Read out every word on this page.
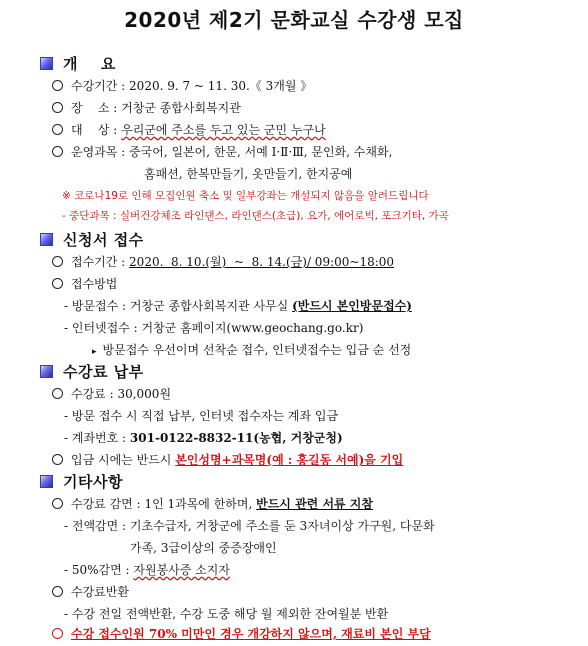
2020년 제2기 문화교실 수강생 모집
개    요
수강기간 : 2020. 9. 7 ~ 11. 30.《 3개월 》
장    소 : 거창군 종합사회복지관
대    상 : 우리군에 주소를 두고 있는 군민 누구나
운영과목 : 중국어, 일본어, 한문, 서예 Ⅰ·Ⅱ·Ⅲ, 문인화, 수채화,
홈패션, 한복만들기, 옷만들기, 한지공예
※ 코로나19로 인해 모집인원 축소 및 일부강좌는 개설되지 않음을 알려드립니다
- 중단과목 : 실버건강체조 라인댄스, 라인댄스(초급), 요가, 에어로빅, 포크기타, 가곡
신청서 접수
접수기간 : 2020.  8. 10.(월)  ~  8. 14.(금)/ 09:00~18:00
접수방법
- 방문접수 : 거창군 종합사회복지관 사무실 (반드시 본인방문접수)
- 인터넷접수 : 거창군 홈페이지(www.geochang.go.kr)
▸ 방문접수 우선이며 선착순 접수, 인터넷접수는 입금 순 선정
수강료 납부
수강료 : 30,000원
- 방문 접수 시 직접 납부, 인터넷 접수자는 계좌 입금
- 계좌번호 : 301-0122-8832-11(농협, 거창군청)
입금 시에는 반드시 본인성명+과목명(예 : 홍길동 서예)을 기입
기타사항
수강료 감면 : 1인 1과목에 한하며, 반드시 관련 서류 지참
- 전액감면 : 기초수급자, 거창군에 주소를 둔 3자녀이상 가구원, 다문화
가족, 3급이상의 중증장애인
- 50%감면 : 자원봉사증 소지자
수강료반환
- 수강 전일 전액반환, 수강 도중 해당 월 제외한 잔여월분 반환
수강 접수인원 70% 미만인 경우 개강하지 않으며, 재료비 본인 부담
